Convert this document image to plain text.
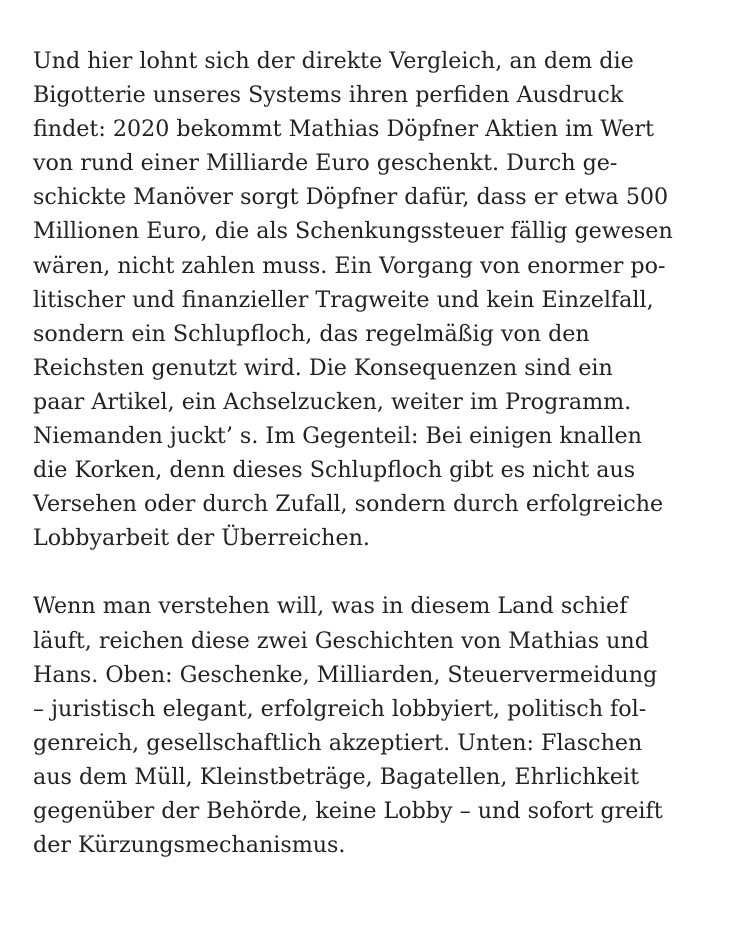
Und hier lohnt sich der direkte Vergleich, an dem die
Bigotterie unseres Systems ihren perfiden Ausdruck
findet: 2020 bekommt Mathias Döpfner Aktien im Wert
von rund einer Milliarde Euro geschenkt. Durch ge-
schickte Manöver sorgt Döpfner dafür, dass er etwa 500
Millionen Euro, die als Schenkungssteuer fällig gewesen
wären, nicht zahlen muss. Ein Vorgang von enormer po-
litischer und finanzieller Tragweite und kein Einzelfall,
sondern ein Schlupfloch, das regelmäßig von den
Reichsten genutzt wird. Die Konsequenzen sind ein
paar Artikel, ein Achselzucken, weiter im Programm.
Niemanden juckt’ s. Im Gegenteil: Bei einigen knallen
die Korken, denn dieses Schlupfloch gibt es nicht aus
Versehen oder durch Zufall, sondern durch erfolgreiche
Lobbyarbeit der Überreichen.

Wenn man verstehen will, was in diesem Land schief
läuft, reichen diese zwei Geschichten von Mathias und
Hans. Oben: Geschenke, Milliarden, Steuervermeidung
– juristisch elegant, erfolgreich lobbyiert, politisch fol-
genreich, gesellschaftlich akzeptiert. Unten: Flaschen
aus dem Müll, Kleinstbeträge, Bagatellen, Ehrlichkeit
gegenüber der Behörde, keine Lobby – und sofort greift
der Kürzungsmechanismus.
